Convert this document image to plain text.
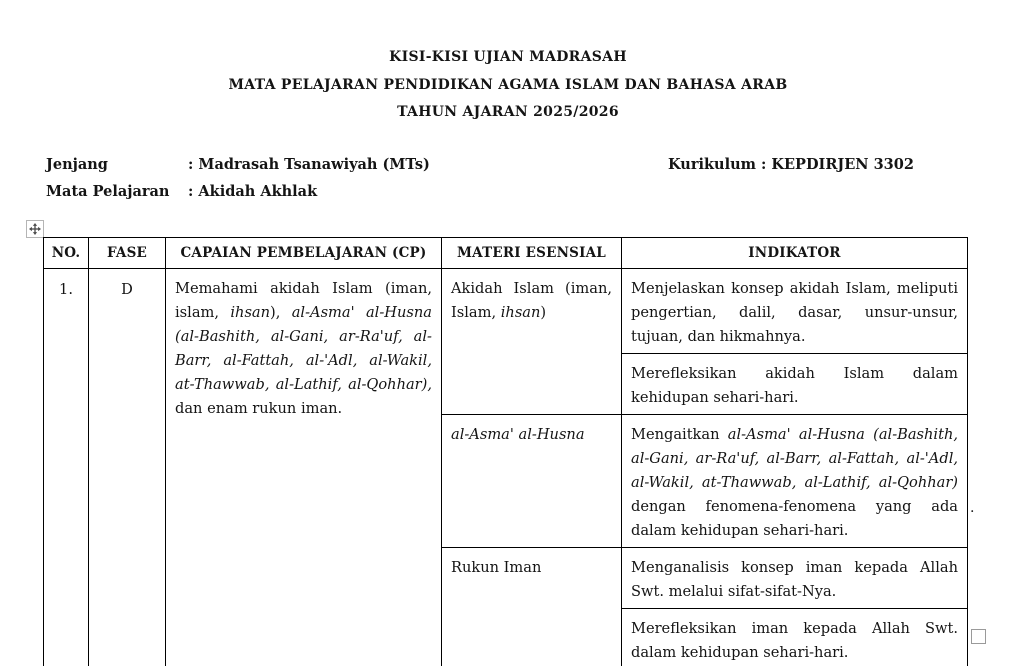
KISI-KISI UJIAN MADRASAH
MATA PELAJARAN PENDIDIKAN AGAMA ISLAM DAN BAHASA ARAB
TAHUN AJARAN 2025/2026
Jenjang	: Madrasah Tsanawiyah (MTs)	Kurikulum : KEPDIRJEN 3302
Mata Pelajaran : Akidah Akhlak
NO.	FASE	CAPAIAN PEMBELAJARAN (CP)	MATERI ESENSIAL	INDIKATOR
1.	D	Memahami akidah Islam (iman, islam, ihsan), al-Asma' al-Husna (al-Bashith, al-Gani, ar-Ra'uf, al-Barr, al-Fattah, al-'Adl, al-Wakil, at-Thawwab, al-Lathif, al-Qohhar), dan enam rukun iman.	Akidah Islam (iman, Islam, ihsan)	Menjelaskan konsep akidah Islam, meliputi pengertian, dalil, dasar, unsur-unsur, tujuan, dan hikmahnya.
				Merefleksikan akidah Islam dalam kehidupan sehari-hari.
			al-Asma' al-Husna	Mengaitkan al-Asma' al-Husna (al-Bashith, al-Gani, ar-Ra'uf, al-Barr, al-Fattah, al-'Adl, al-Wakil, at-Thawwab, al-Lathif, al-Qohhar) dengan fenomena-fenomena yang ada dalam kehidupan sehari-hari.
			Rukun Iman	Menganalisis konsep iman kepada Allah Swt. melalui sifat-sifat-Nya.
				Merefleksikan iman kepada Allah Swt. dalam kehidupan sehari-hari.
.
